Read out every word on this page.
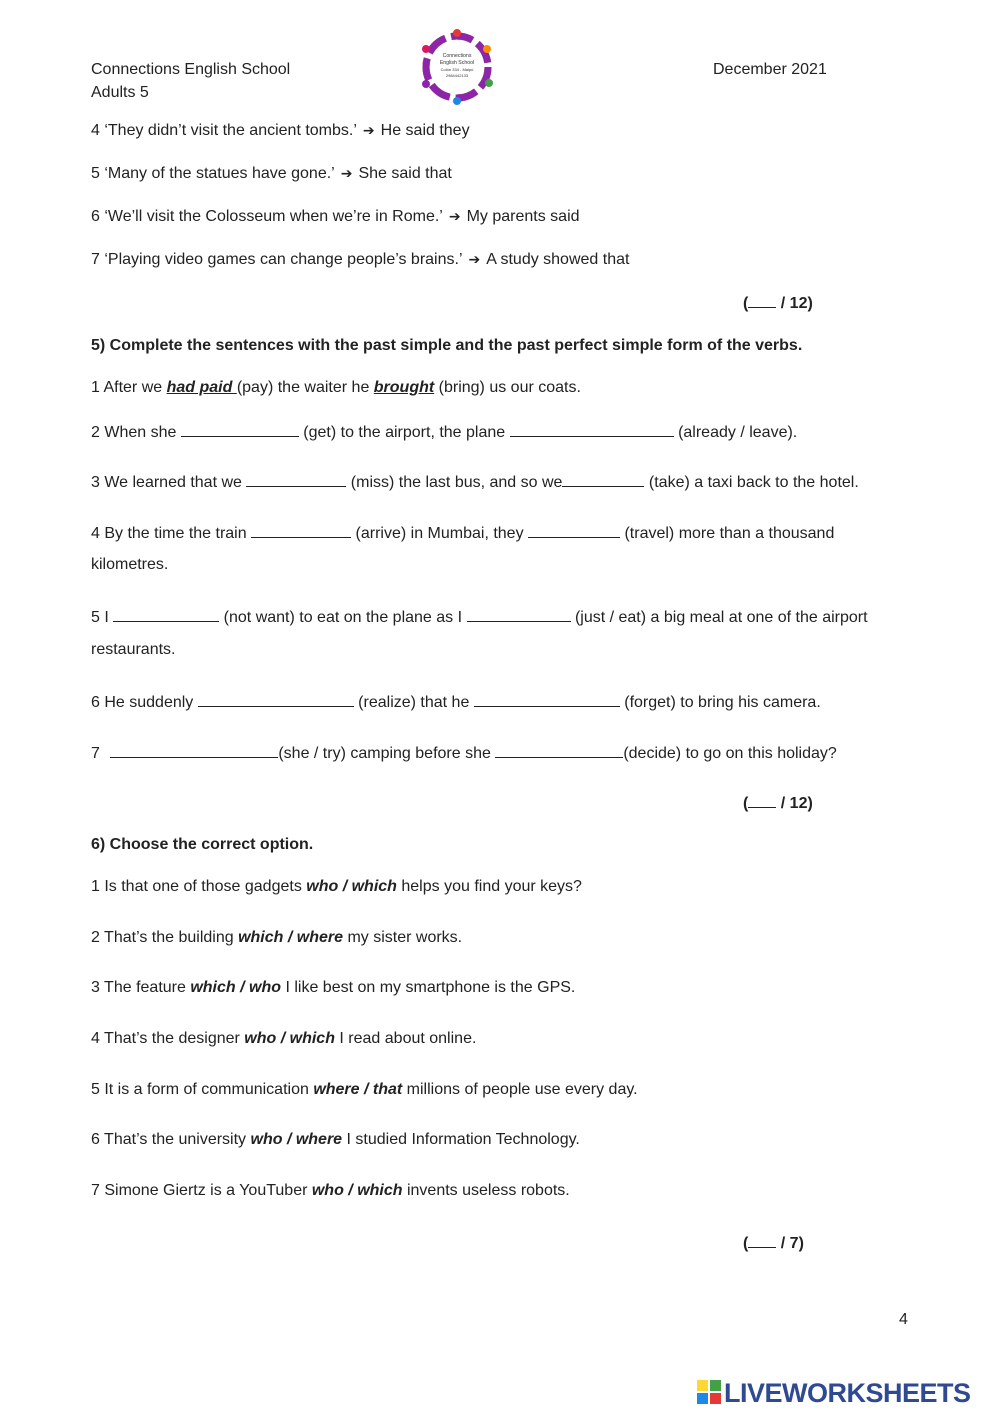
Connections English School
Adults 5
December 2021
Connections
English School
Colón 334 - Maipú
2984442133
4 ‘They didn’t visit the ancient tombs.’ ➔ He said they
5 ‘Many of the statues have gone.’ ➔ She said that
6 ‘We’ll visit the Colosseum when we’re in Rome.’ ➔ My parents said
7 ‘Playing video games can change people’s brains.’ ➔ A study showed that
( / 12)
5) Complete the sentences with the past simple and the past perfect simple form of the verbs.
1 After we had paid (pay) the waiter he brought (bring) us our coats.
2 When she	(get) to the airport, the plane	(already / leave).
3 We learned that we	(miss) the last bus, and so we	(take) a taxi back to the hotel.
4 By the time the train	(arrive) in Mumbai, they	(travel) more than a thousand
kilometres.
5 I	(not want) to eat on the plane as I	(just / eat) a big meal at one of the airport
restaurants.
6 He suddenly	(realize) that he	(forget) to bring his camera.
7	(she / try) camping before she	(decide) to go on this holiday?
( / 12)
6) Choose the correct option.
1 Is that one of those gadgets who / which helps you find your keys?
2 That’s the building which / where my sister works.
3 The feature which / who I like best on my smartphone is the GPS.
4 That’s the designer who / which I read about online.
5 It is a form of communication where / that millions of people use every day.
6 That’s the university who / where I studied Information Technology.
7 Simone Giertz is a YouTuber who / which invents useless robots.
( / 7)
4
LIVEWORKSHEETS
